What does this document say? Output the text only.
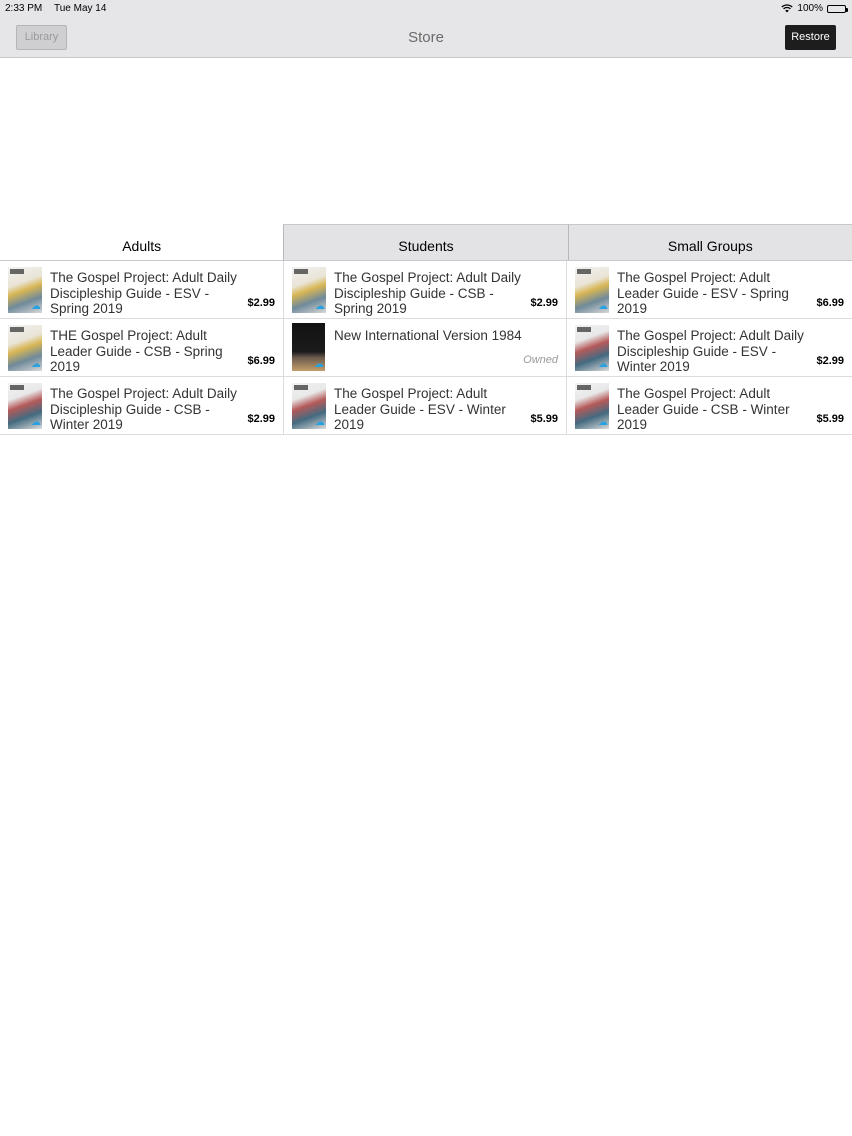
2:33 PM Tue May 14	100%
Library	Store	Restore
Adults	Students	Small Groups
☁
The Gospel Project: Adult Daily Discipleship Guide - ESV - Spring 2019	$2.99	☁
The Gospel Project: Adult Daily Discipleship Guide - CSB - Spring 2019	$2.99	☁
The Gospel Project: Adult Leader Guide - ESV - Spring 2019	$6.99
☁
THE Gospel Project: Adult Leader Guide - CSB - Spring 2019	$6.99	☁
New International Version 1984
Owned	☁
The Gospel Project: Adult Daily Discipleship Guide - ESV - Winter 2019	$2.99
☁
The Gospel Project: Adult Daily Discipleship Guide - CSB - Winter 2019	$2.99	☁
The Gospel Project: Adult Leader Guide - ESV - Winter 2019	$5.99	☁
The Gospel Project: Adult Leader Guide - CSB - Winter 2019	$5.99
